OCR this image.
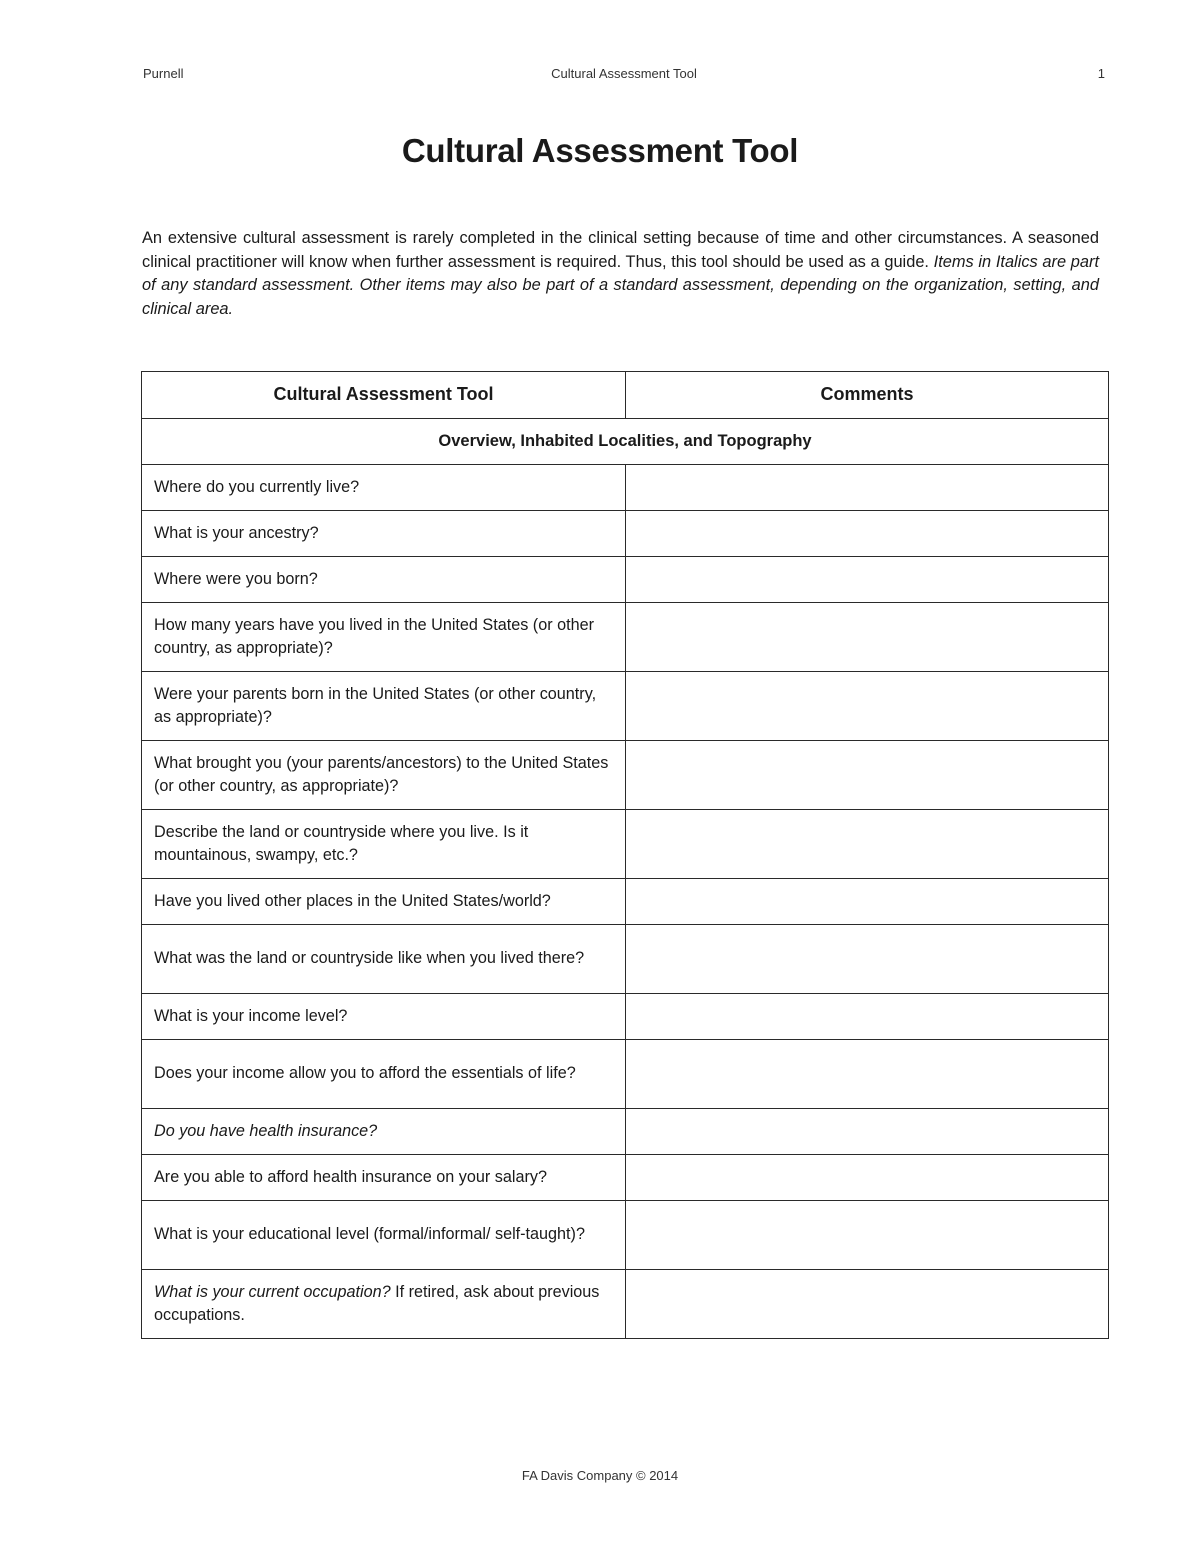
Purnell	Cultural Assessment Tool	1
Cultural Assessment Tool
An extensive cultural assessment is rarely completed in the clinical setting because of time and other circumstances. A seasoned clinical practitioner will know when further assessment is required. Thus, this tool should be used as a guide. Items in Italics are part of any standard assessment. Other items may also be part of a standard assessment, depending on the organization, setting, and clinical area.
Cultural Assessment Tool	Comments
Overview, Inhabited Localities, and Topography	
Where do you currently live?	
What is your ancestry?	
Where were you born?	
How many years have you lived in the United States (or other country, as appropriate)?	
Were your parents born in the United States (or other country, as appropriate)?	
What brought you (your parents/ancestors) to the United States (or other country, as appropriate)?	
Describe the land or countryside where you live. Is it mountainous, swampy, etc.?	
Have you lived other places in the United States/world?	
What was the land or countryside like when you lived there?	
What is your income level?	
Does your income allow you to afford the essentials of life?	
Do you have health insurance?	
Are you able to afford health insurance on your salary?	
What is your educational level (formal/informal/ self-taught)?	
What is your current occupation? If retired, ask about previous occupations.	
FA Davis Company © 2014
